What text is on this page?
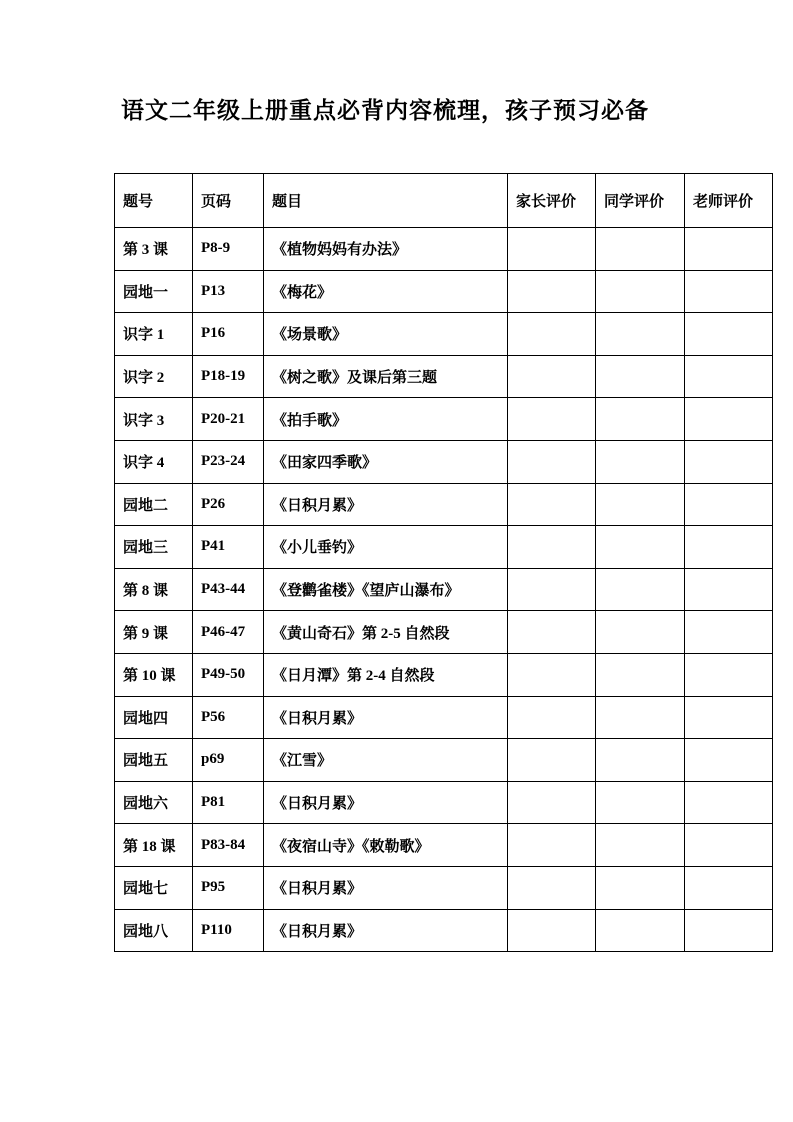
语文二年级上册重点必背内容梳理，孩子预习必备
题号	页码	题目	家长评价	同学评价	老师评价
第 3 课	P8-9	《植物妈妈有办法》			
园地一	P13	《梅花》			
识字 1	P16	《场景歌》			
识字 2	P18-19	《树之歌》及课后第三题			
识字 3	P20-21	《拍手歌》			
识字 4	P23-24	《田家四季歌》			
园地二	P26	《日积月累》			
园地三	P41	《小儿垂钓》			
第 8 课	P43-44	《登鹳雀楼》《望庐山瀑布》			
第 9 课	P46-47	《黄山奇石》第 2-5 自然段			
第 10 课	P49-50	《日月潭》第 2-4 自然段			
园地四	P56	《日积月累》			
园地五	p69	《江雪》			
园地六	P81	《日积月累》			
第 18 课	P83-84	《夜宿山寺》《敕勒歌》			
园地七	P95	《日积月累》			
园地八	P110	《日积月累》			
